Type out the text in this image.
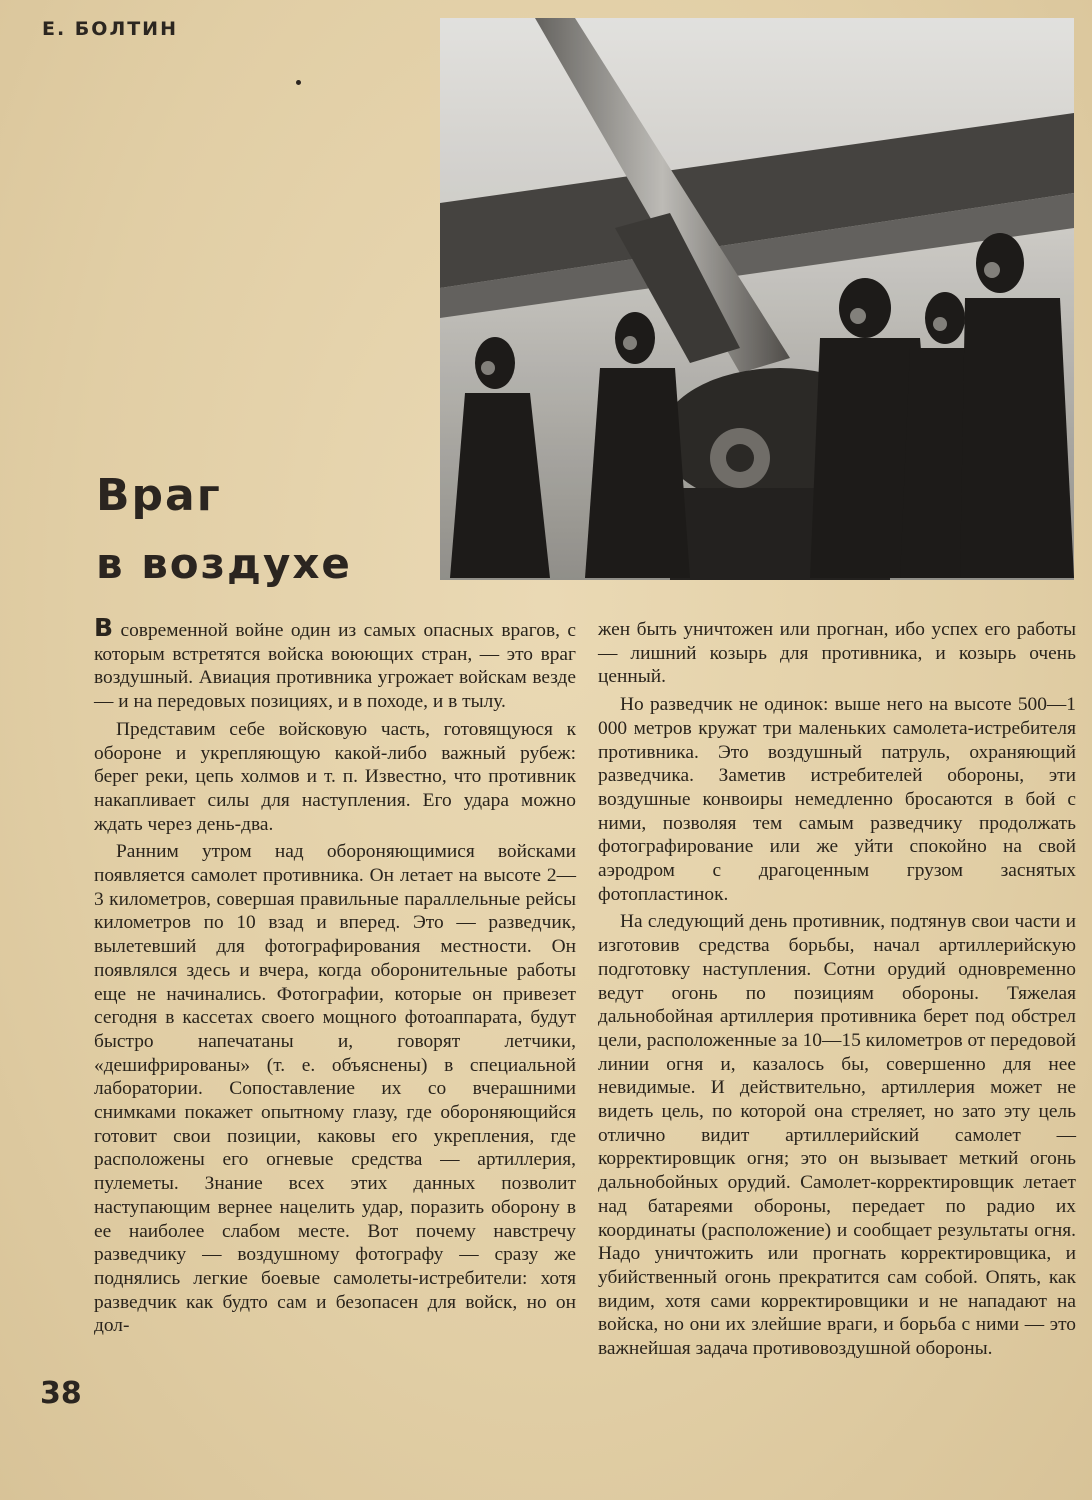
Е. БОЛТИН
Враг
в воздухе

В современной войне один из самых опасных врагов, с которым встретятся войска воюющих стран, — это враг воздушный. Авиация противника угрожает войскам везде — и на передовых позициях, и в походе, и в тылу.

Представим себе войсковую часть, готовящуюся к обороне и укрепляющую какой-либо важный рубеж: берег реки, цепь холмов и т. п. Известно, что противник накапливает силы для наступления. Его удара можно ждать через день-два.

Ранним утром над обороняющимися войсками появляется самолет противника. Он летает на высоте 2—3 километров, совершая правильные параллельные рейсы километров по 10 взад и вперед. Это — разведчик, вылетевший для фотографирования местности. Он появлялся здесь и вчера, когда оборонительные работы еще не начинались. Фотографии, которые он привезет сегодня в кассетах своего мощного фотоаппарата, будут быстро напечатаны и, говорят летчики, «дешифрированы» (т. е. объяснены) в специальной лаборатории. Сопоставление их со вчерашними снимками покажет опытному глазу, где обороняющийся готовит свои позиции, каковы его укрепления, где расположены его огневые средства — артиллерия, пулеметы. Знание всех этих данных позволит наступающим вернее нацелить удар, поразить оборону в ее наиболее слабом месте. Вот почему навстречу разведчику — воздушному фотографу — сразу же поднялись легкие боевые самолеты-истребители: хотя разведчик как будто сам и безопасен для войск, но он дол-

жен быть уничтожен или прогнан, ибо успех его работы — лишний козырь для противника, и козырь очень ценный.

Но разведчик не одинок: выше него на высоте 500—1 000 метров кружат три маленьких самолета-истребителя противника. Это воздушный патруль, охраняющий разведчика. Заметив истребителей обороны, эти воздушные конвоиры немедленно бросаются в бой с ними, позволяя тем самым разведчику продолжать фотографирование или же уйти спокойно на свой аэродром с драгоценным грузом заснятых фотопластинок.

На следующий день противник, подтянув свои части и изготовив средства борьбы, начал артиллерийскую подготовку наступления. Сотни орудий одновременно ведут огонь по позициям обороны. Тяжелая дальнобойная артиллерия противника берет под обстрел цели, расположенные за 10—15 километров от передовой линии огня и, казалось бы, совершенно для нее невидимые. И действительно, артиллерия может не видеть цель, по которой она стреляет, но зато эту цель отлично видит артиллерийский самолет — корректировщик огня; это он вызывает меткий огонь дальнобойных орудий. Самолет-корректировщик летает над батареями обороны, передает по радио их координаты (расположение) и сообщает результаты огня. Надо уничтожить или прогнать корректировщика, и убийственный огонь прекратится сам собой. Опять, как видим, хотя сами корректировщики и не нападают на войска, но они их злейшие враги, и борьба с ними — это важнейшая задача противовоздушной обороны.

38
